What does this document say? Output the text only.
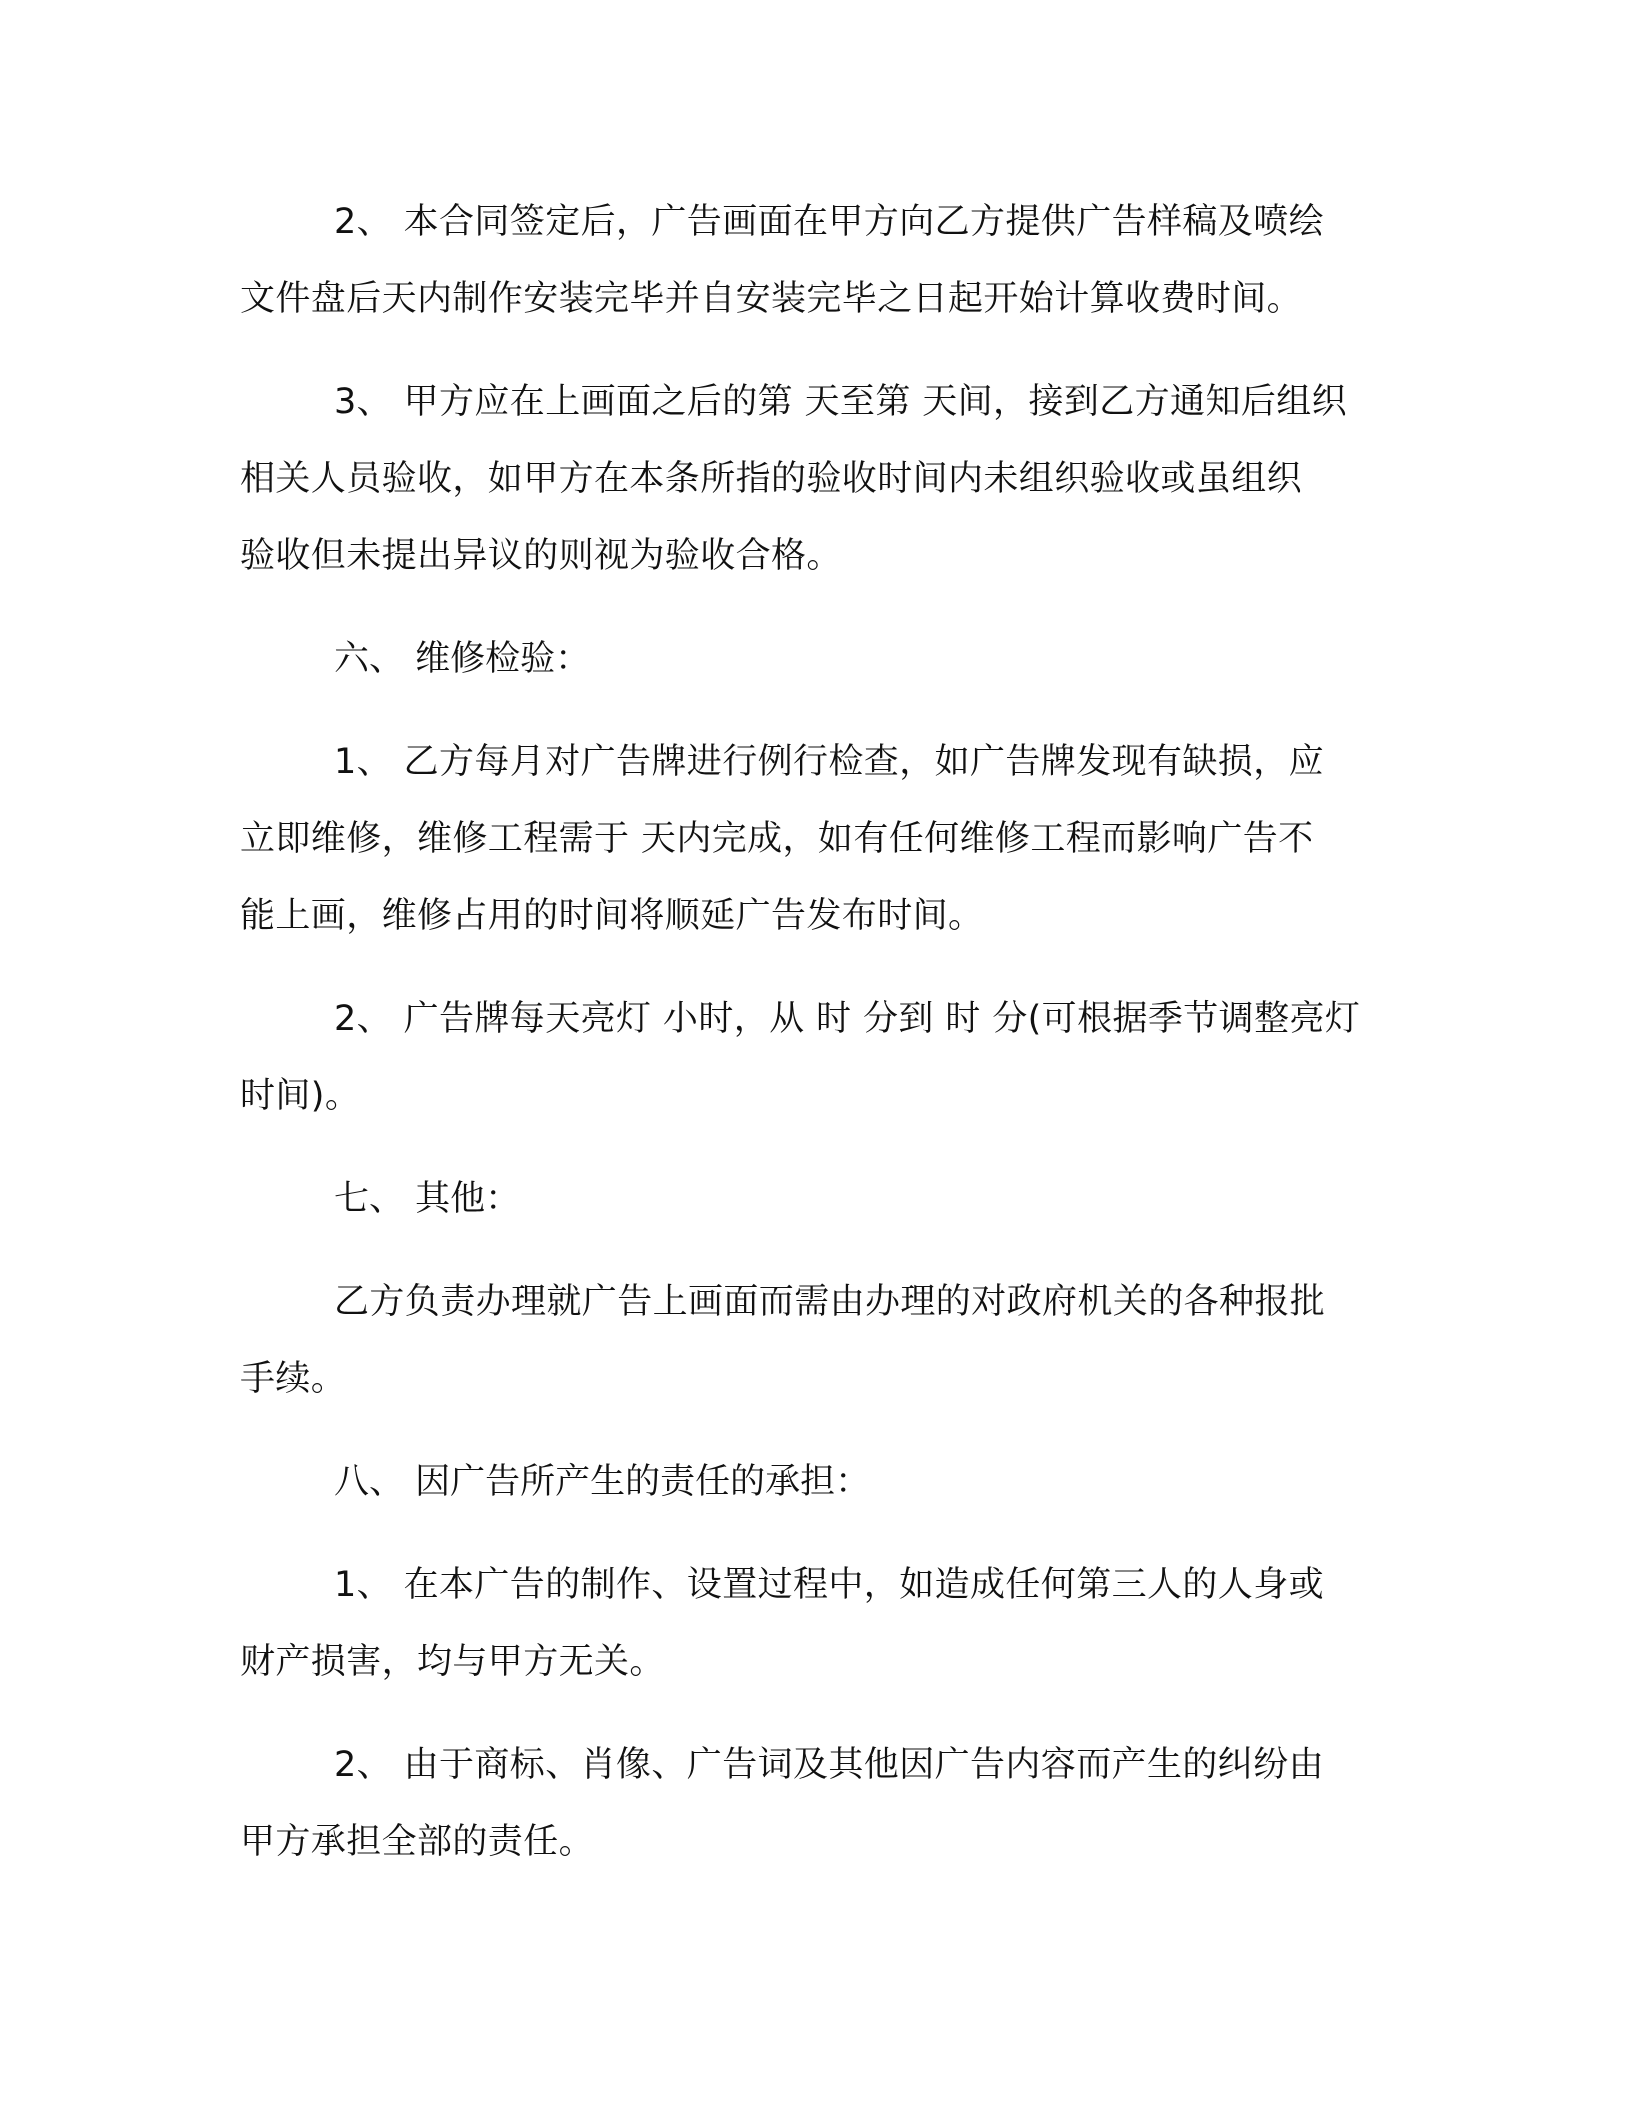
2、 本合同签定后，广告画面在甲方向乙方提供广告样稿及喷绘
文件盘后天内制作安装完毕并自安装完毕之日起开始计算收费时间。
3、 甲方应在上画面之后的第 天至第 天间，接到乙方通知后组织
相关人员验收，如甲方在本条所指的验收时间内未组织验收或虽组织
验收但未提出异议的则视为验收合格。
六、 维修检验：
1、 乙方每月对广告牌进行例行检查，如广告牌发现有缺损，应
立即维修，维修工程需于 天内完成，如有任何维修工程而影响广告不
能上画，维修占用的时间将顺延广告发布时间。
2、 广告牌每天亮灯 小时，从 时 分到 时 分(可根据季节调整亮灯
时间)。
七、 其他：
乙方负责办理就广告上画面而需由办理的对政府机关的各种报批
手续。
八、 因广告所产生的责任的承担：
1、 在本广告的制作、设置过程中，如造成任何第三人的人身或
财产损害，均与甲方无关。
2、 由于商标、肖像、广告词及其他因广告内容而产生的纠纷由
甲方承担全部的责任。
